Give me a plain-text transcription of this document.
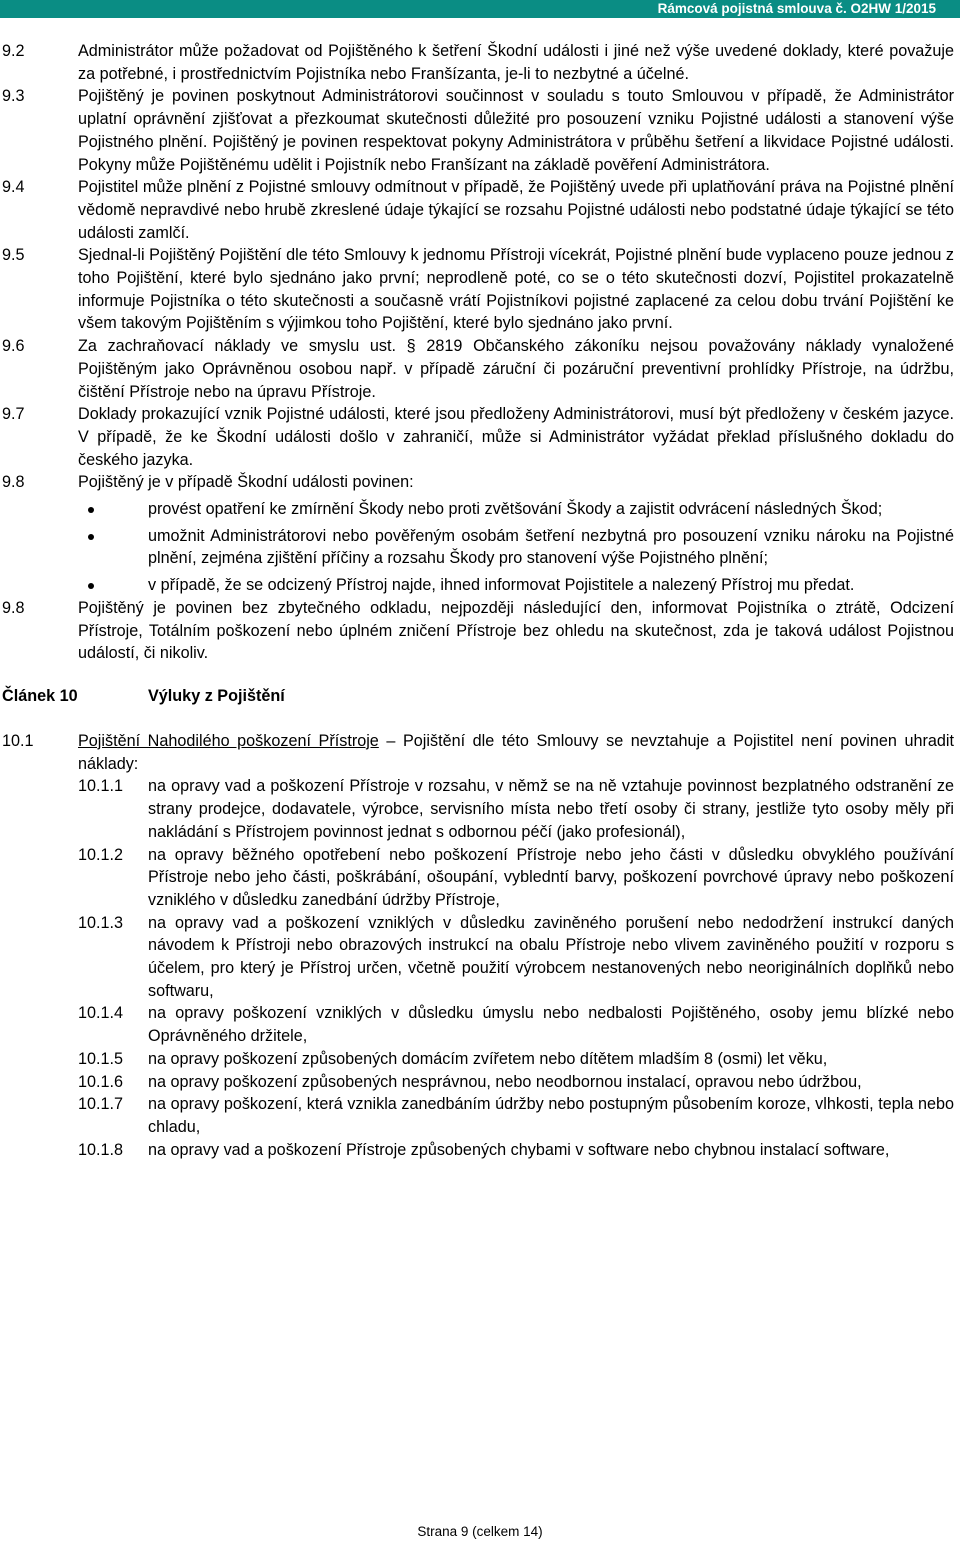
Rámcová pojistná smlouva č. O2HW 1/2015
9.2	Administrátor může požadovat od Pojištěného k šetření Škodní události i jiné než výše uvedené doklady, které považuje za potřebné, i prostřednictvím Pojistníka nebo Franšízanta, je-li to nezbytné a účelné.
9.3	Pojištěný je povinen poskytnout Administrátorovi součinnost v souladu s touto Smlouvou v případě, že Administrátor uplatní oprávnění zjišťovat a přezkoumat skutečnosti důležité pro posouzení vzniku Pojistné události a stanovení výše Pojistného plnění. Pojištěný je povinen respektovat pokyny Administrátora v průběhu šetření a likvidace Pojistné události. Pokyny může Pojištěnému udělit i Pojistník nebo Franšízant na základě pověření Administrátora.
9.4	Pojistitel může plnění z Pojistné smlouvy odmítnout v případě, že Pojištěný uvede při uplatňování práva na Pojistné plnění vědomě nepravdivé nebo hrubě zkreslené údaje týkající se rozsahu Pojistné události nebo podstatné údaje týkající se této události zamlčí.
9.5	Sjednal-li Pojištěný Pojištění dle této Smlouvy k jednomu Přístroji vícekrát, Pojistné plnění bude vyplaceno pouze jednou z toho Pojištění, které bylo sjednáno jako první; neprodleně poté, co se o této skutečnosti dozví, Pojistitel prokazatelně informuje Pojistníka o této skutečnosti a současně vrátí Pojistníkovi pojistné zaplacené za celou dobu trvání Pojištění ke všem takovým Pojištěním s výjimkou toho Pojištění, které bylo sjednáno jako první.
9.6	Za zachraňovací náklady ve smyslu ust. § 2819 Občanského zákoníku nejsou považovány náklady vynaložené Pojištěným jako Oprávněnou osobou např. v případě záruční či pozáruční preventivní prohlídky Přístroje, na údržbu, čištění Přístroje nebo na úpravu Přístroje.
9.7	Doklady prokazující vznik Pojistné události, které jsou předloženy Administrátorovi, musí být předloženy v českém jazyce. V případě, že ke Škodní události došlo v zahraničí, může si Administrátor vyžádat překlad příslušného dokladu do českého jazyka.
9.8	Pojištěný je v případě Škodní události povinen:
provést opatření ke zmírnění Škody nebo proti zvětšování Škody a zajistit odvrácení následných Škod;
umožnit Administrátorovi nebo pověřeným osobám šetření nezbytná pro posouzení vzniku nároku na Pojistné plnění, zejména zjištění příčiny a rozsahu Škody pro stanovení výše Pojistného plnění;
v případě, že se odcizený Přístroj najde, ihned informovat Pojistitele a nalezený Přístroj mu předat.
9.8	Pojištěný je povinen bez zbytečného odkladu, nejpozději následující den, informovat Pojistníka o ztrátě, Odcizení Přístroje, Totálním poškození nebo úplném zničení Přístroje bez ohledu na skutečnost, zda je taková událost Pojistnou událostí, či nikoliv.
Článek 10	Výluky z Pojištění
10.1	Pojištění Nahodilého poškození Přístroje – Pojištění dle této Smlouvy se nevztahuje a Pojistitel není povinen uhradit náklady:
10.1.1 na opravy vad a poškození Přístroje v rozsahu, v němž se na ně vztahuje povinnost bezplatného odstranění ze strany prodejce, dodavatele, výrobce, servisního místa nebo třetí osoby či strany, jestliže tyto osoby měly při nakládání s Přístrojem povinnost jednat s odbornou péčí (jako profesionál),
10.1.2 na opravy běžného opotřebení nebo poškození Přístroje nebo jeho části v důsledku obvyklého používání Přístroje nebo jeho části, poškrábání, ošoupání, vybledntí barvy, poškození povrchové úpravy nebo poškození vzniklého v důsledku zanedbání údržby Přístroje,
10.1.3 na opravy vad a poškození vzniklých v důsledku zaviněného porušení nebo nedodržení instrukcí daných návodem k Přístroji nebo obrazových instrukcí na obalu Přístroje nebo vlivem zaviněného použití v rozporu s účelem, pro který je Přístroj určen, včetně použití výrobcem nestanovených nebo neoriginálních doplňků nebo softwaru,
10.1.4 na opravy poškození vzniklých v důsledku úmyslu nebo nedbalosti Pojištěného, osoby jemu blízké nebo Oprávněného držitele,
10.1.5 na opravy poškození způsobených domácím zvířetem nebo dítětem mladším 8 (osmi) let věku,
10.1.6 na opravy poškození způsobených nesprávnou, nebo neodbornou instalací, opravou nebo údržbou,
10.1.7 na opravy poškození, která vznikla zanedbáním údržby nebo postupným působením koroze, vlhkosti, tepla nebo chladu,
10.1.8 na opravy vad a poškození Přístroje způsobených chybami v software nebo chybnou instalací software,
Strana 9 (celkem 14)
